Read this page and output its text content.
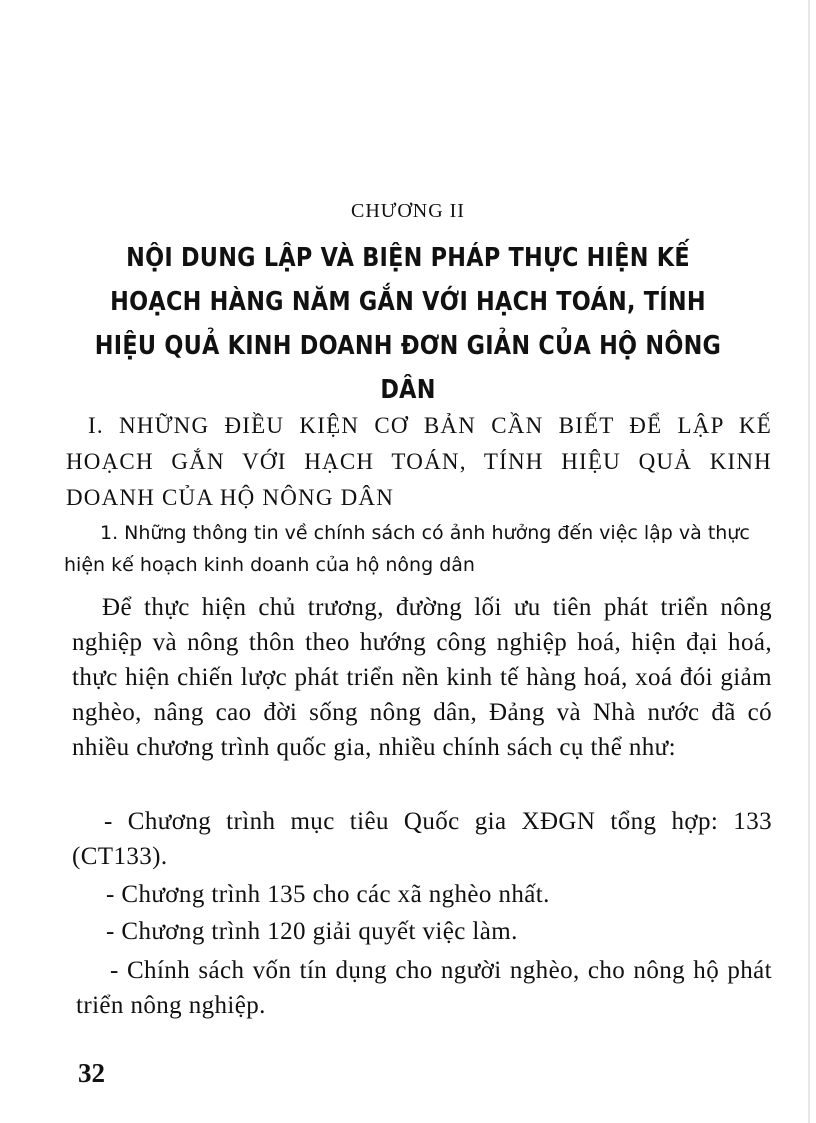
CHƯƠNG II
NỘI DUNG LẬP VÀ BIỆN PHÁP THỰC HIỆN KẾ HOẠCH HÀNG NĂM GẮN VỚI HẠCH TOÁN, TÍNH HIỆU QUẢ KINH DOANH ĐƠN GIẢN CỦA HỘ NÔNG DÂN
I. NHỮNG ĐIỀU KIỆN CƠ BẢN CẦN BIẾT ĐỂ LẬP KẾ HOẠCH GẮN VỚI HẠCH TOÁN, TÍNH HIỆU QUẢ KINH DOANH CỦA HỘ NÔNG DÂN
1. Những thông tin về chính sách có ảnh hưởng đến việc lập và thực hiện kế hoạch kinh doanh của hộ nông dân
Để thực hiện chủ trương, đường lối ưu tiên phát triển nông nghiệp và nông thôn theo hướng công nghiệp hoá, hiện đại hoá, thực hiện chiến lược phát triển nền kinh tế hàng hoá, xoá đói giảm nghèo, nâng cao đời sống nông dân, Đảng và Nhà nước đã có nhiều chương trình quốc gia, nhiều chính sách cụ thể như:
- Chương trình mục tiêu Quốc gia XĐGN tổng hợp: 133 (CT133).
- Chương trình 135 cho các xã nghèo nhất.
- Chương trình 120 giải quyết việc làm.
- Chính sách vốn tín dụng cho người nghèo, cho nông hộ phát triển nông nghiệp.
32
